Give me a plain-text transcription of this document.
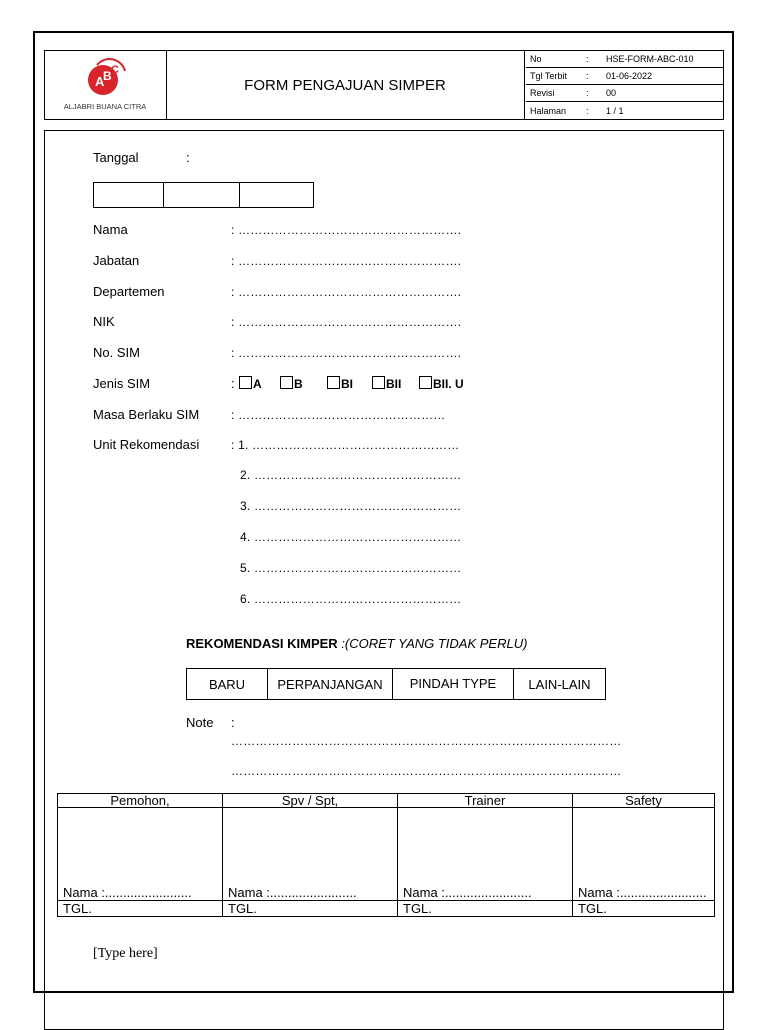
A
B C
ALJABRI BUANA CITRA
FORM PENGAJUAN SIMPER
No	:	HSE-FORM-ABC-010
Tgl Terbit	:	01-06-2022
Revisi	:	00
Halaman	:	1 / 1
Tanggal	:

Nama	: ……………………………………………….
Jabatan	: ……………………………………………….
Departemen	: ……………………………………………….
NIK	: ……………………………………………….
No. SIM	: ……………………………………………….
Jenis SIM	:	A	B	BI	BII	BII. U
Masa Berlaku SIM	: ……………………………………………
Unit Rekomendasi	: 1. ……………………………………………
2. ……………………………………………
3. ……………………………………………
4. ……………………………………………
5. ……………………………………………
6. ……………………………………………
REKOMENDASI KIMPER :(CORET YANG TIDAK PERLU)
BARU	PERPANJANGAN	PINDAH TYPE	LAIN-LAIN
Note :
……………………………………………………………………………………
……………………………………………………………………………………
Pemohon,	Spv / Spt,	Trainer	Safety
Nama :........................	Nama :........................	Nama :........................	Nama :........................
TGL.	TGL.	TGL.	TGL.
[Type here]
